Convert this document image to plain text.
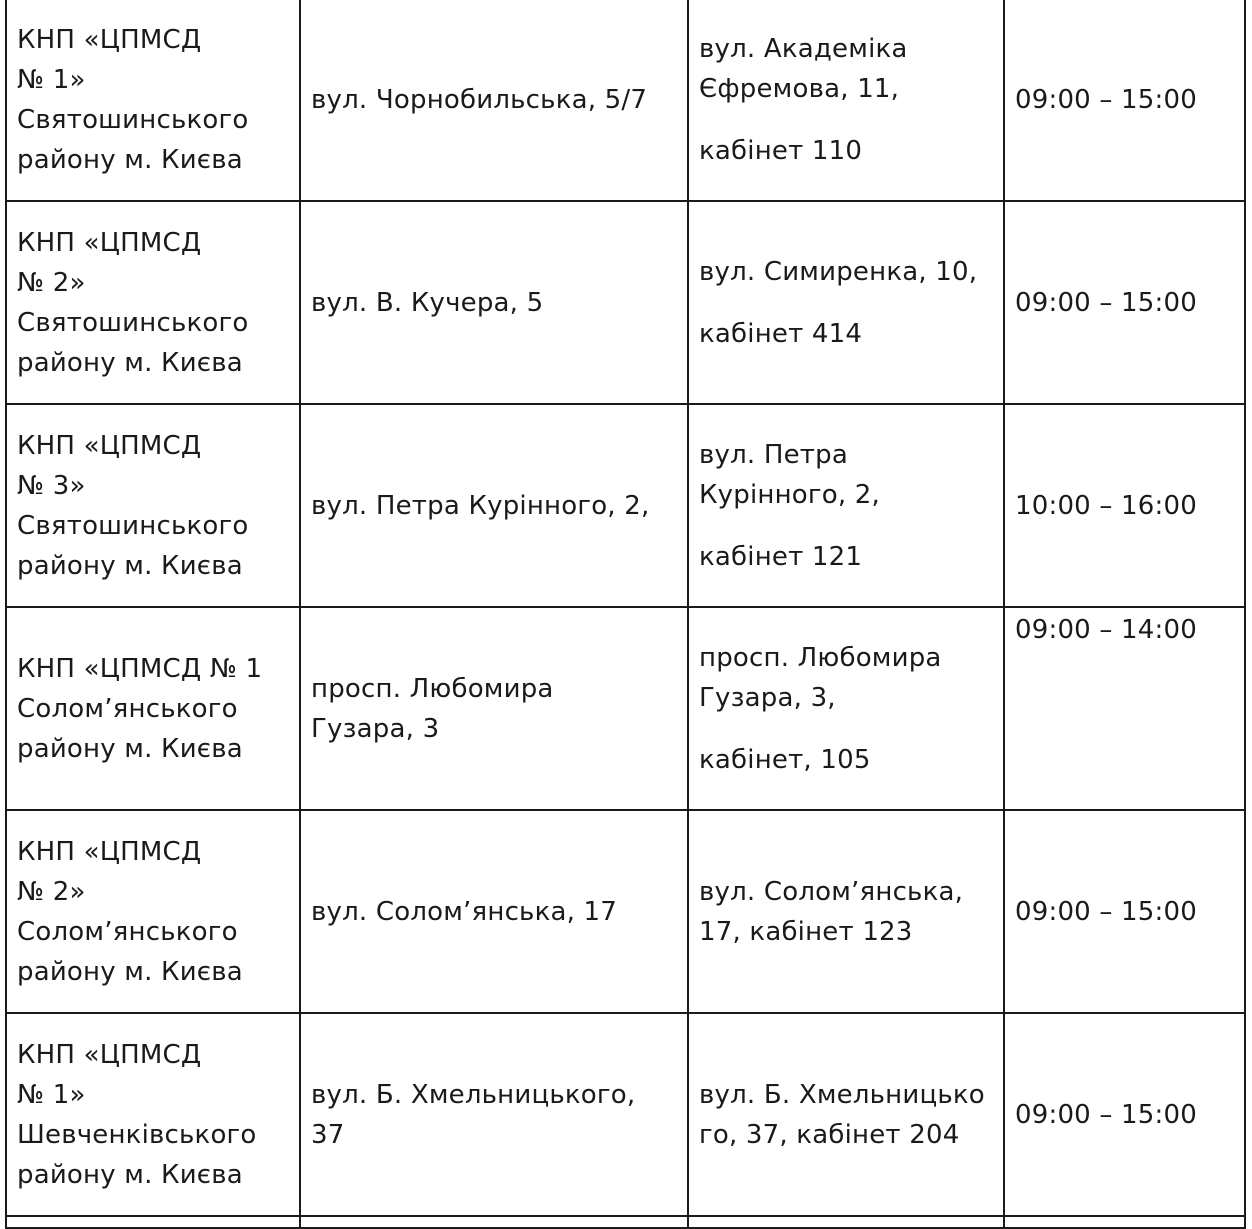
КНП «ЦПМСД
№ 1»
Святошинського
району м. Києва	вул. Чорнобильська, 5/7	вул. Академіка
Єфремова, 11,
кабінет 110	09:00 – 15:00

КНП «ЦПМСД
№ 2»
Святошинського
району м. Києва	вул. В. Кучера, 5	вул. Симиренка, 10,
кабінет 414	09:00 – 15:00

КНП «ЦПМСД
№ 3»
Святошинського
району м. Києва	вул. Петра Курінного, 2,	вул. Петра
Курінного, 2,
кабінет 121	10:00 – 16:00

КНП «ЦПМСД № 1
Солом’янського
району м. Києва	просп. Любомира
Гузара, 3	просп. Любомира
Гузара, 3,
кабінет, 105	09:00 – 14:00

КНП «ЦПМСД
№ 2»
Солом’янського
району м. Києва	вул. Солом’янська, 17	вул. Солом’янська,
17, кабінет 123	09:00 – 15:00

КНП «ЦПМСД
№ 1»
Шевченківського
району м. Києва	вул. Б. Хмельницького,
37	вул. Б. Хмельницько
го, 37, кабінет 204	09:00 – 15:00
